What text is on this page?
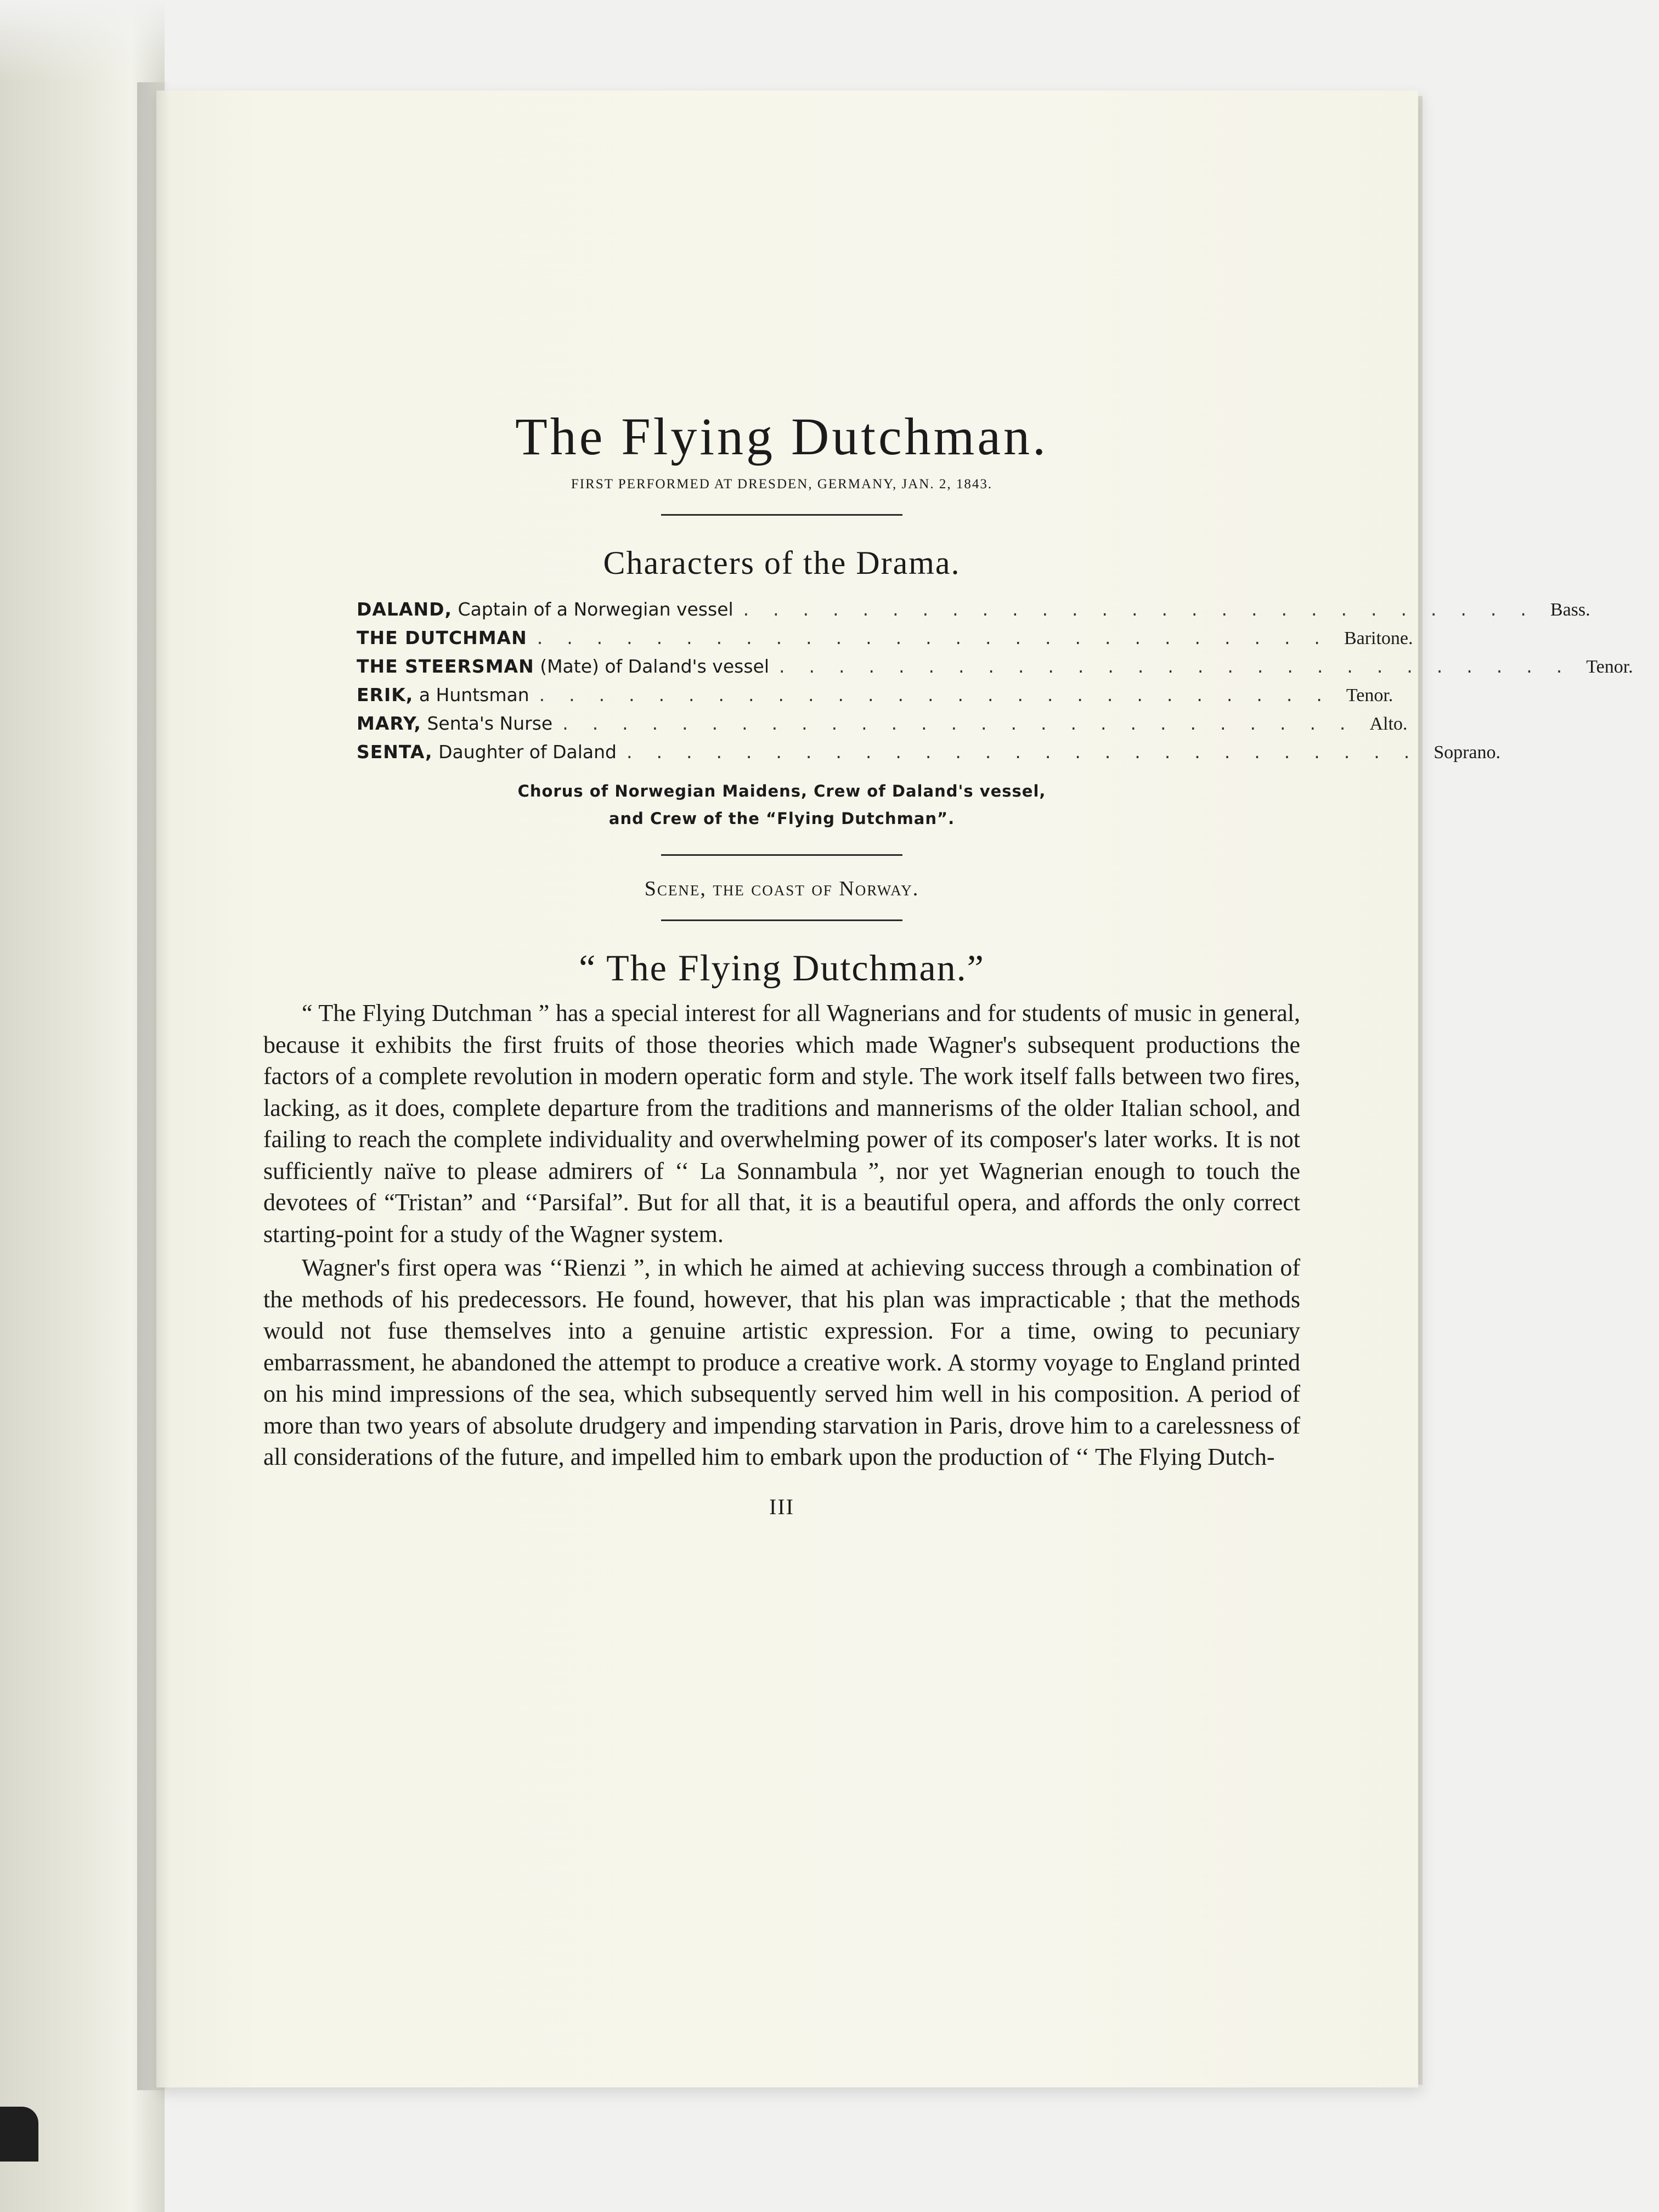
The Flying Dutchman.
FIRST PERFORMED AT DRESDEN, GERMANY, JAN. 2, 1843.
Characters of the Drama.
DALAND, Captain of a Norwegian vessel ........................... Bass.
THE DUTCHMAN ........................... Baritone.
THE STEERSMAN (Mate) of Daland's vessel ........................... Tenor.
ERIK, a Huntsman ........................... Tenor.
MARY, Senta's Nurse ........................... Alto.
SENTA, Daughter of Daland ........................... Soprano.
Chorus of Norwegian Maidens, Crew of Daland's vessel,
and Crew of the “Flying Dutchman”.
Scene, the coast of Norway.
“ The Flying Dutchman.”

“ The Flying Dutchman ” has a special interest for all Wagnerians and for students of music in general, because it exhibits the first fruits of those theories which made Wagner's subsequent productions the factors of a complete revolution in modern operatic form and style. The work itself falls between two fires, lacking, as it does, complete departure from the traditions and mannerisms of the older Italian school, and failing to reach the complete individuality and overwhelming power of its composer's later works. It is not sufficiently naïve to please admirers of ‘‘ La Sonnambula ”, nor yet Wagnerian enough to touch the devotees of “Tristan” and ‘‘Parsifal”. But for all that, it is a beautiful opera, and affords the only correct starting-point for a study of the Wagner system.

Wagner's first opera was ‘‘Rienzi ”, in which he aimed at achieving success through a combination of the methods of his predecessors. He found, however, that his plan was impracticable ; that the methods would not fuse themselves into a genuine artistic expression. For a time, owing to pecuniary embarrassment, he abandoned the attempt to produce a creative work. A stormy voyage to England printed on his mind impressions of the sea, which subsequently served him well in his composition. A period of more than two years of absolute drudgery and impending starvation in Paris, drove him to a carelessness of all considerations of the future, and impelled him to embark upon the production of ‘‘ The Flying Dutch-

III
